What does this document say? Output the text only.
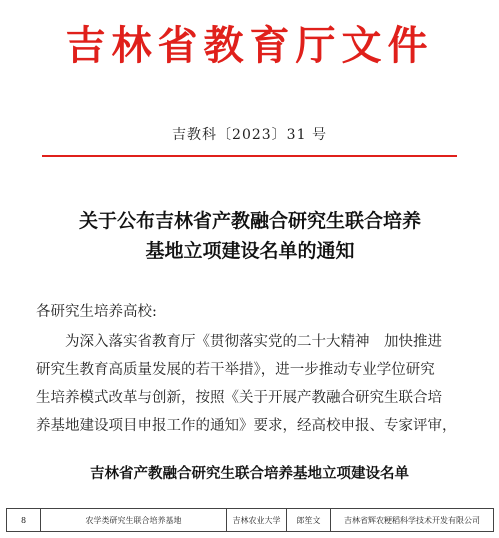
吉林省教育厅文件
吉教科〔2023〕31 号
关于公布吉林省产教融合研究生联合培养
基地立项建设名单的通知
各研究生培养高校:
为深入落实省教育厅《贯彻落实党的二十大精神　加快推进
研究生教育高质量发展的若干举措》，进一步推动专业学位研究
生培养模式改革与创新，按照《关于开展产教融合研究生联合培
养基地建设项目申报工作的通知》要求，经高校申报、专家评审，
吉林省产教融合研究生联合培养基地立项建设名单
8	农学类研究生联合培养基地	吉林农业大学	郎笙文	吉林省辉农粳稻科学技术开发有限公司
